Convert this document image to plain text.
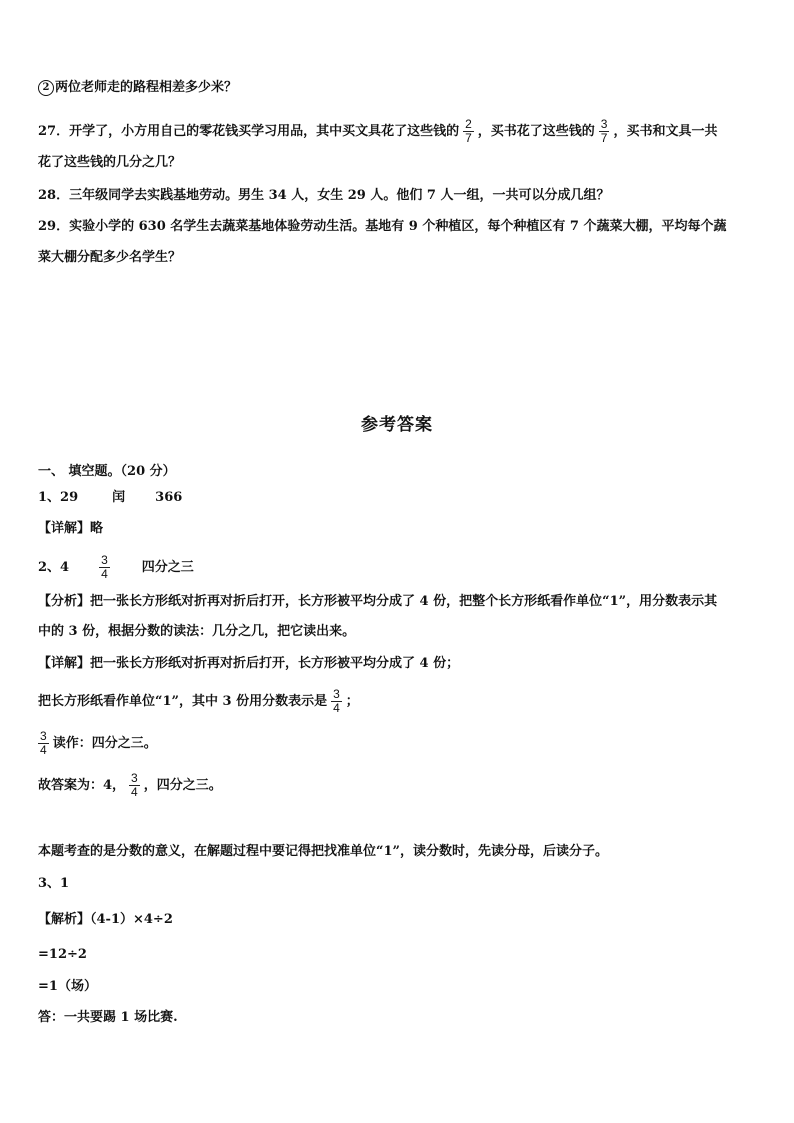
2 两位老师走的路程相差多少米？
27．开学了，小方用自己的零花钱买学习用品，其中买文具花了这些钱的 $\frac{2}{7}$ ，买书花了这些钱的 $\frac{3}{7}$ ，买书和文具一共
花了这些钱的几分之几？
28．三年级同学去实践基地劳动。男生 34 人，女生 29 人。他们 7 人一组，一共可以分成几组？
29．实验小学的 630 名学生去蔬菜基地体验劳动生活。基地有 9 个种植区，每个种植区有 7 个蔬菜大棚，平均每个蔬
菜大棚分配多少名学生？
参考答案
一、 填空题。（20 分）
1、29	闰 366
【详解】略
2、4	$\frac{3}{4}$ 四分之三
【分析】把一张长方形纸对折再对折后打开，长方形被平均分成了 4 份，把整个长方形纸看作单位“1”，用分数表示其
中的 3 份，根据分数的读法：几分之几，把它读出来。
【详解】把一张长方形纸对折再对折后打开，长方形被平均分成了 4 份；
把长方形纸看作单位“1”，其中 3 份用分数表示是 $\frac{3}{4}$ ；
$\frac{3}{4}$ 读作：四分之三。
故答案为：4， $\frac{3}{4}$ ，四分之三。
本题考查的是分数的意义，在解题过程中要记得把找准单位“1”，读分数时，先读分母，后读分子。
3、1
【解析】（4-1）×4÷2
=12÷2
=1（场）
答：一共要踢 1 场比赛.
